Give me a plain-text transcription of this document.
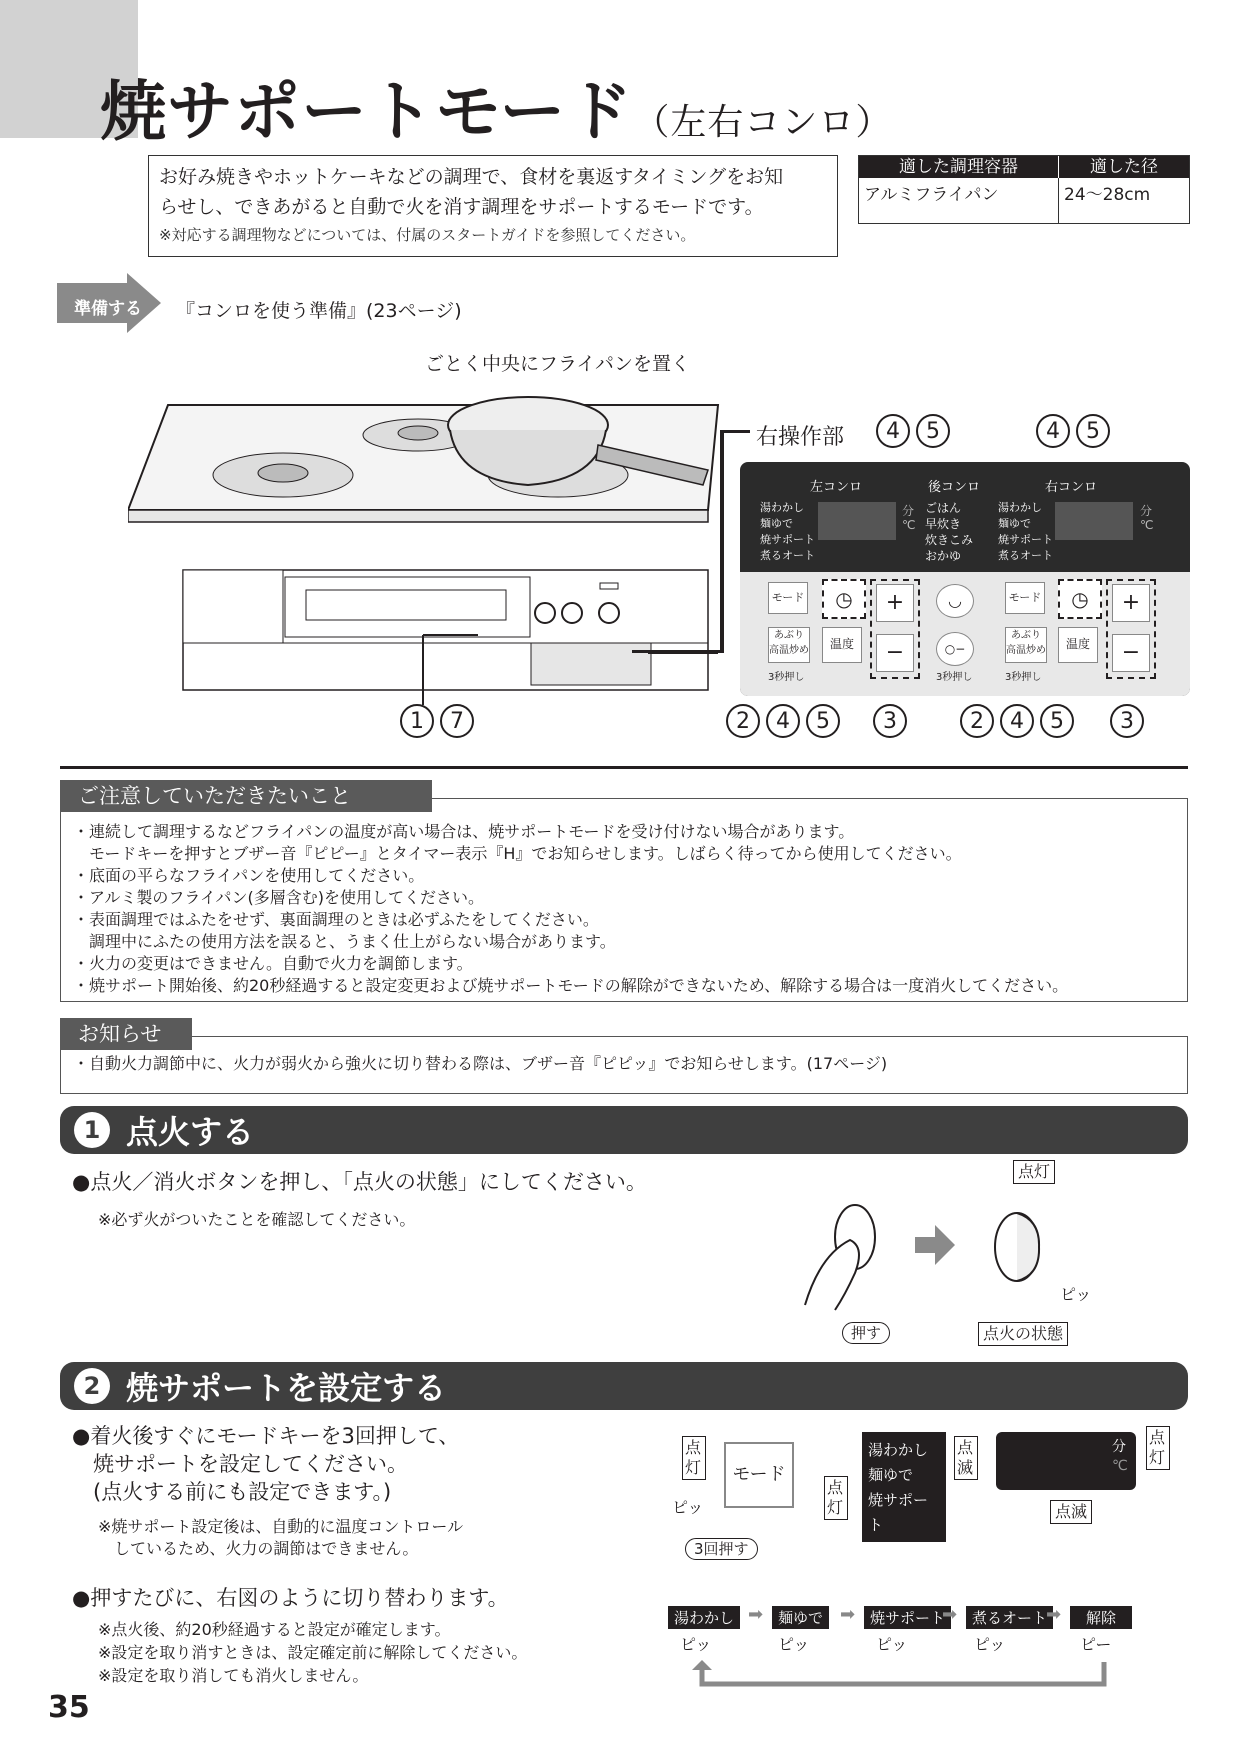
焼サポートモード（左右コンロ）
お好み焼きやホットケーキなどの調理で、食材を裏返すタイミングをお知
らせし、できあがると自動で火を消す調理をサポートするモードです。
※対応する調理物などについては、付属のスタートガイドを参照してください。
適した調理容器	適した径
アルミフライパン	24〜28cm
準備する 『コンロを使う準備』(23ページ)
ごとく中央にフライパンを置く
右操作部
1 7
4 5	4 5
左コンロ	後コンロ	右コンロ
湯わかし
麺ゆで
焼サポート
煮るオート
分
℃
ごはん
早炊き
炊きこみ
おかゆ
湯わかし
麺ゆで
焼サポート
煮るオート
分
℃
モード	◷	+
−
あぶり
高温炒め	温度
3秒押し
◡
○−
3秒押し
モード	◷	+
−
あぶり
高温炒め	温度
3秒押し
2 4 5	3	2 4 5	3
・連続して調理するなどフライパンの温度が高い場合は、焼サポートモードを受け付けない場合があります。
　モードキーを押すとブザー音『ピピー』とタイマー表示『H』でお知らせします。しばらく待ってから使用してください。
・底面の平らなフライパンを使用してください。
・アルミ製のフライパン(多層含む)を使用してください。
・表面調理ではふたをせず、裏面調理のときは必ずふたをしてください。
　調理中にふたの使用方法を誤ると、うまく仕上がらない場合があります。
・火力の変更はできません。自動で火力を調節します。
・焼サポート開始後、約20秒経過すると設定変更および焼サポートモードの解除ができないため、解除する場合は一度消火してください。
ご注意していただきたいこと
・自動火力調節中に、火力が弱火から強火に切り替わる際は、ブザー音『ピピッ』でお知らせします。(17ページ)
お知らせ
1 点火する
●点火／消火ボタンを押し、「点火の状態」にしてください。
※必ず火がついたことを確認してください。
点灯
ピッ
押す	点火の状態
2 焼サポートを設定する
●着火後すぐにモードキーを3回押して、
　焼サポートを設定してください。
　(点火する前にも設定できます。)
※焼サポート設定後は、自動的に温度コントロール
　しているため、火力の調節はできません。
●押すたびに、右図のように切り替わります。
※点火後、約20秒経過すると設定が確定します。
※設定を取り消すときは、設定確定前に解除してください。
※設定を取り消しても消火しません。
点灯	モード
ピッ
3回押す
点灯
湯わかし
麺ゆで
焼サポート
煮るオート
点滅
分
℃
点灯
点滅
湯わかし ➡ 麺ゆで ➡ 焼サポート
➡ 煮るオート
➡	解除
ピッ	ピッ	ピッ	ピッ	ピー
35
